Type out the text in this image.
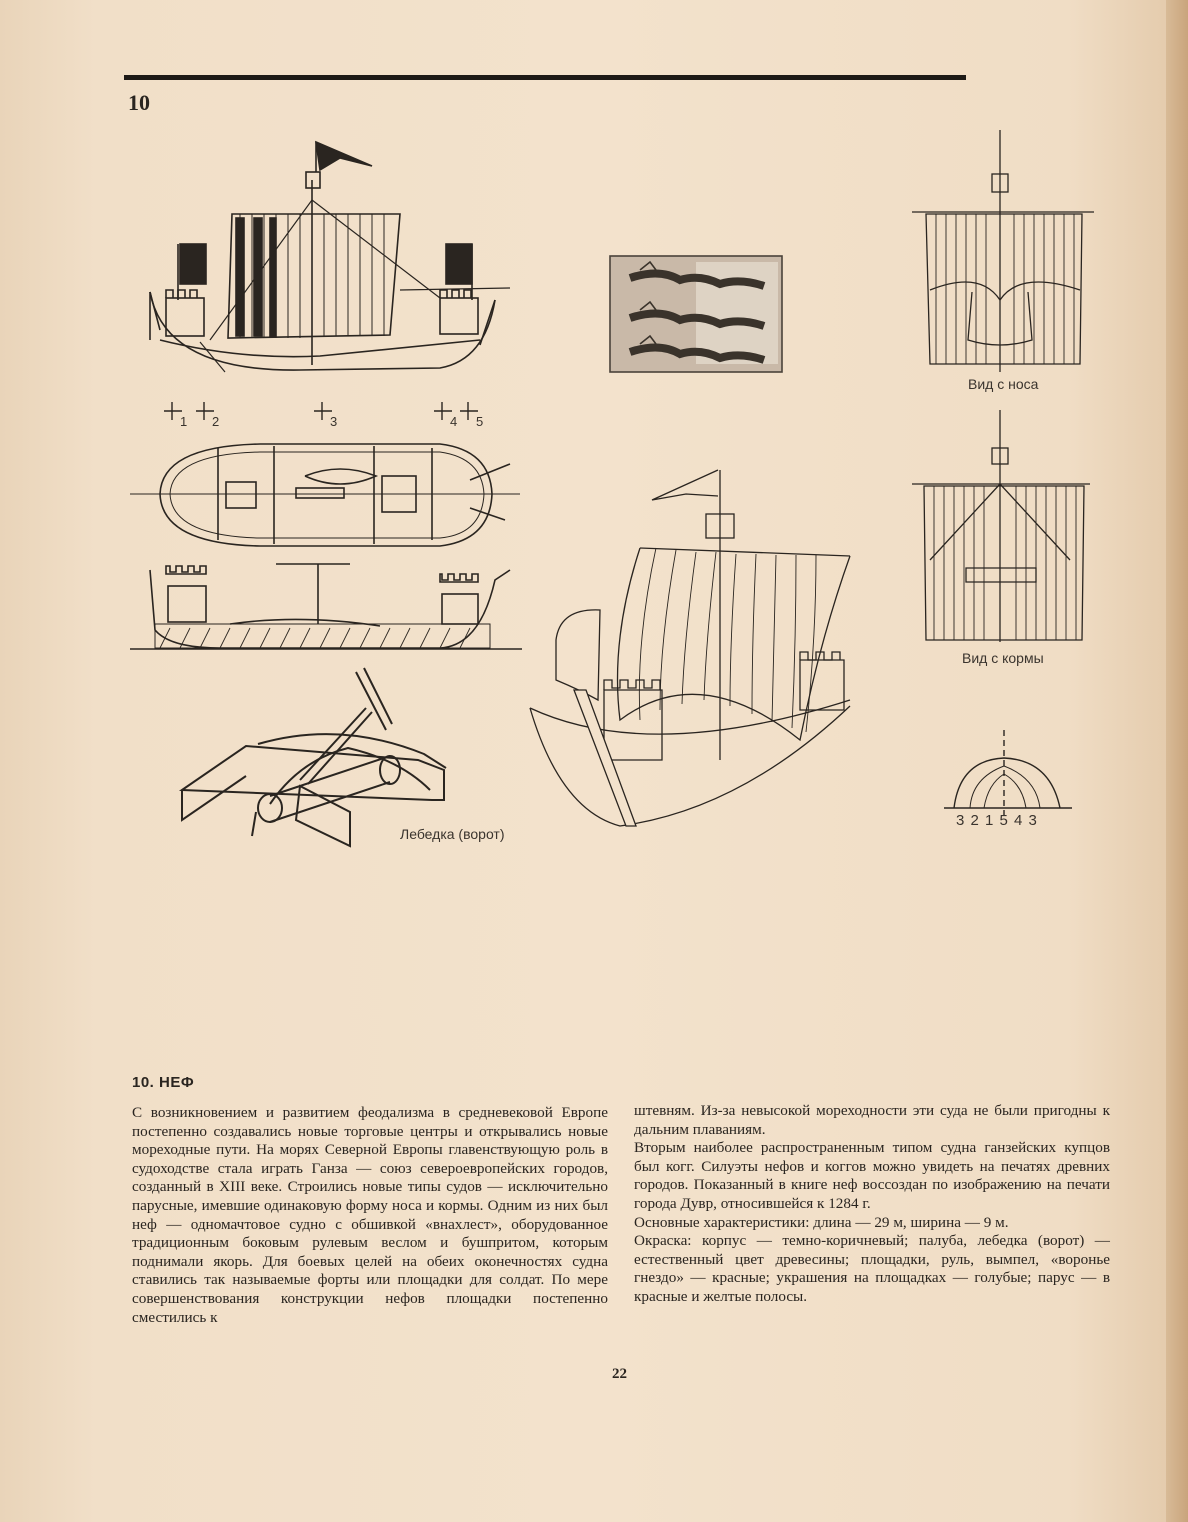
10
Вид с носа
Вид с кормы
Лебедка (ворот)
3 2 1 5 4 3
1 2	3	4 5
10. НЕФ

С возникновением и развитием феодализма в средневековой Европе постепенно создавались новые торговые центры и открывались новые мореходные пути. На морях Северной Европы главенствующую роль в судоходстве стала играть Ганза — союз североевропейских городов, созданный в XIII веке. Строились новые типы судов — исключительно парусные, имевшие одинаковую форму носа и кормы. Одним из них был неф — одномачтовое судно с обшивкой «внахлест», оборудованное традиционным боковым рулевым веслом и бушпритом, которым поднимали якорь. Для боевых целей на обеих оконечностях судна ставились так называемые форты или площадки для солдат. По мере совершенствования конструкции нефов площадки постепенно сместились к

штевням. Из-за невысокой мореходности эти суда не были пригодны к дальним плаваниям.

Вторым наиболее распространенным типом судна ганзейских купцов был когг. Силуэты нефов и коггов можно увидеть на печатях древних городов. Показанный в книге неф воссоздан по изображению на печати города Дувр, относившейся к 1284 г.

Основные характеристики: длина — 29 м, ширина — 9 м.

Окраска: корпус — темно-коричневый; палуба, лебедка (ворот) — естественный цвет древесины; площадки, руль, вымпел, «воронье гнездо» — красные; украшения на площадках — голубые; парус — в красные и желтые полосы.

22
